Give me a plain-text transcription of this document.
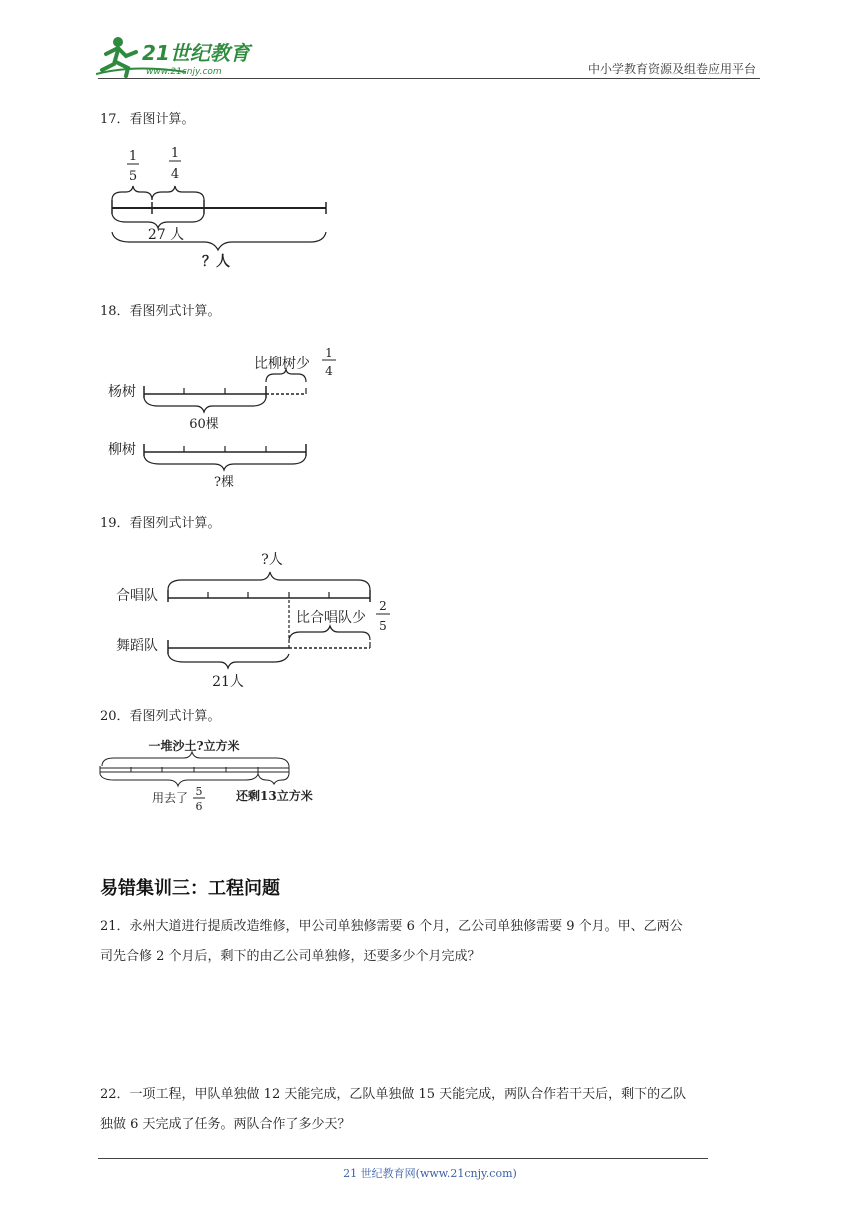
21世纪教育
www.21cnjy.com	中小学教育资源及组卷应用平台
17．看图计算。
1
5
1
4
27 人
？人
18．看图列式计算。
比柳树少
1
4
杨树
60棵
柳树
?棵
19．看图列式计算。
?人
合唱队
比合唱队少
2
5
舞蹈队
21人
20．看图列式计算。
一堆沙土?立方米
用去了 5
6
还剩13立方米
易错集训三：工程问题
21．永州大道进行提质改造维修，甲公司单独修需要 6 个月，乙公司单独修需要 9 个月。甲、乙两公
司先合修 2 个月后，剩下的由乙公司单独修，还要多少个月完成？
22．一项工程，甲队单独做 12 天能完成，乙队单独做 15 天能完成，两队合作若干天后，剩下的乙队
独做 6 天完成了任务。两队合作了多少天？
21 世纪教育网(www.21cnjy.com)
